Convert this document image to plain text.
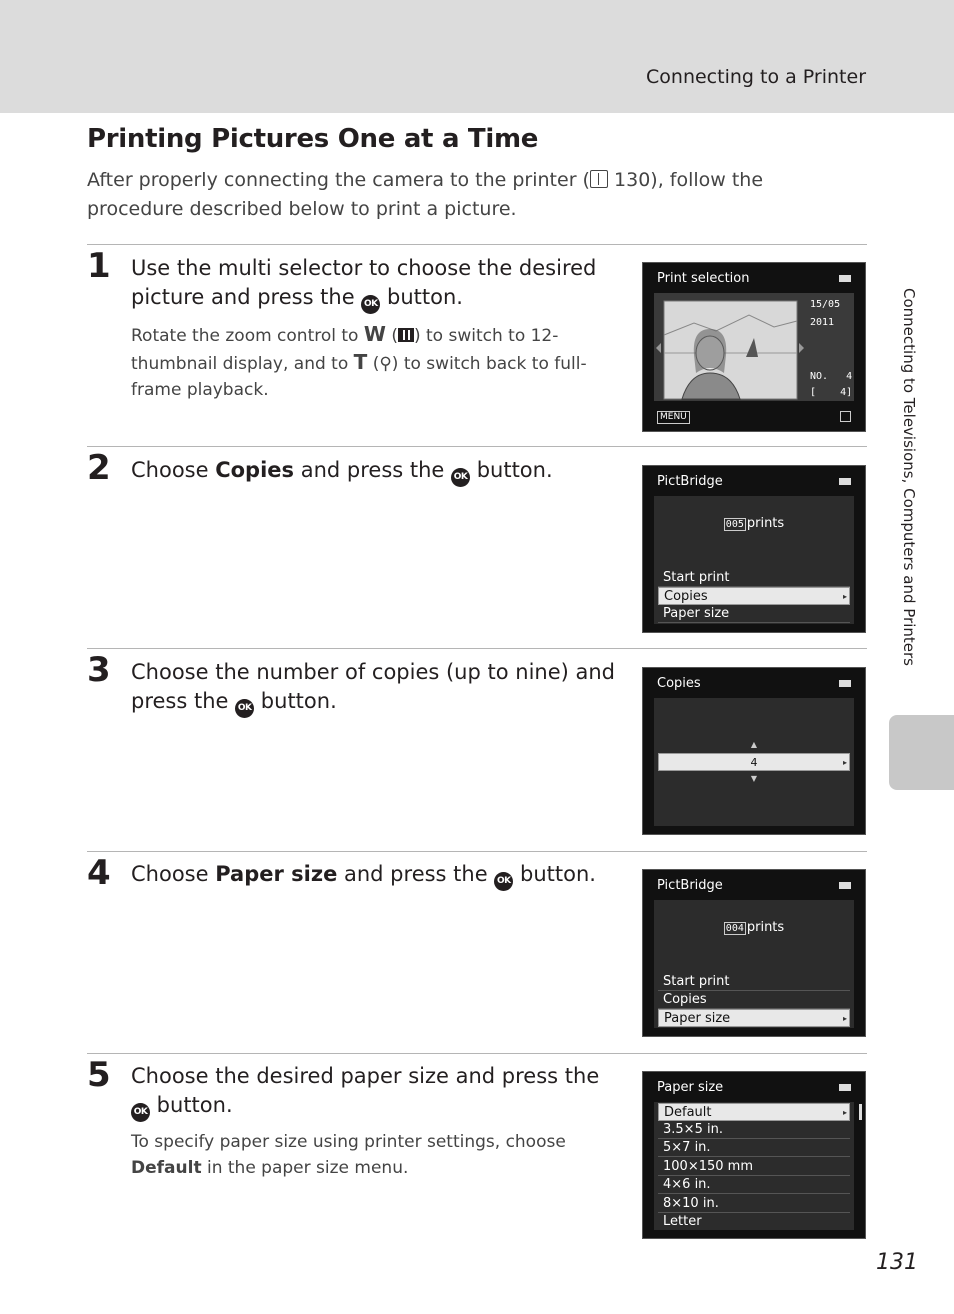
Connecting to a Printer
Printing Pictures One at a Time
After properly connecting the camera to the printer ( 130), follow the procedure described below to print a picture.
1 Use the multi selector to choose the desired picture and press the OK button.
Rotate the zoom control to W ( ) to switch to 12-thumbnail display, and to T (⚲) to switch back to full-frame playback.
Print selection
15/05
2011
NO. 4
[ 4]
MENU
2 Choose Copies and press the OK button.	PictBridge
005 prints
Start print
Copies ▸
Paper size
3 Choose the number of copies (up to nine) and press the OK button.
Copies
▲
4 ▸
▼
4 Choose Paper size and press the OK button.	PictBridge
004 prints
Start print
Copies
Paper size ▸
5 Choose the desired paper size and press the OK button.
To specify paper size using printer settings, choose Default in the paper size menu.
Paper size
Default ▸
3.5×5 in.
5×7 in.
100×150 mm
4×6 in.
8×10 in.
Letter
Connecting to Televisions, Computers and Printers
131
